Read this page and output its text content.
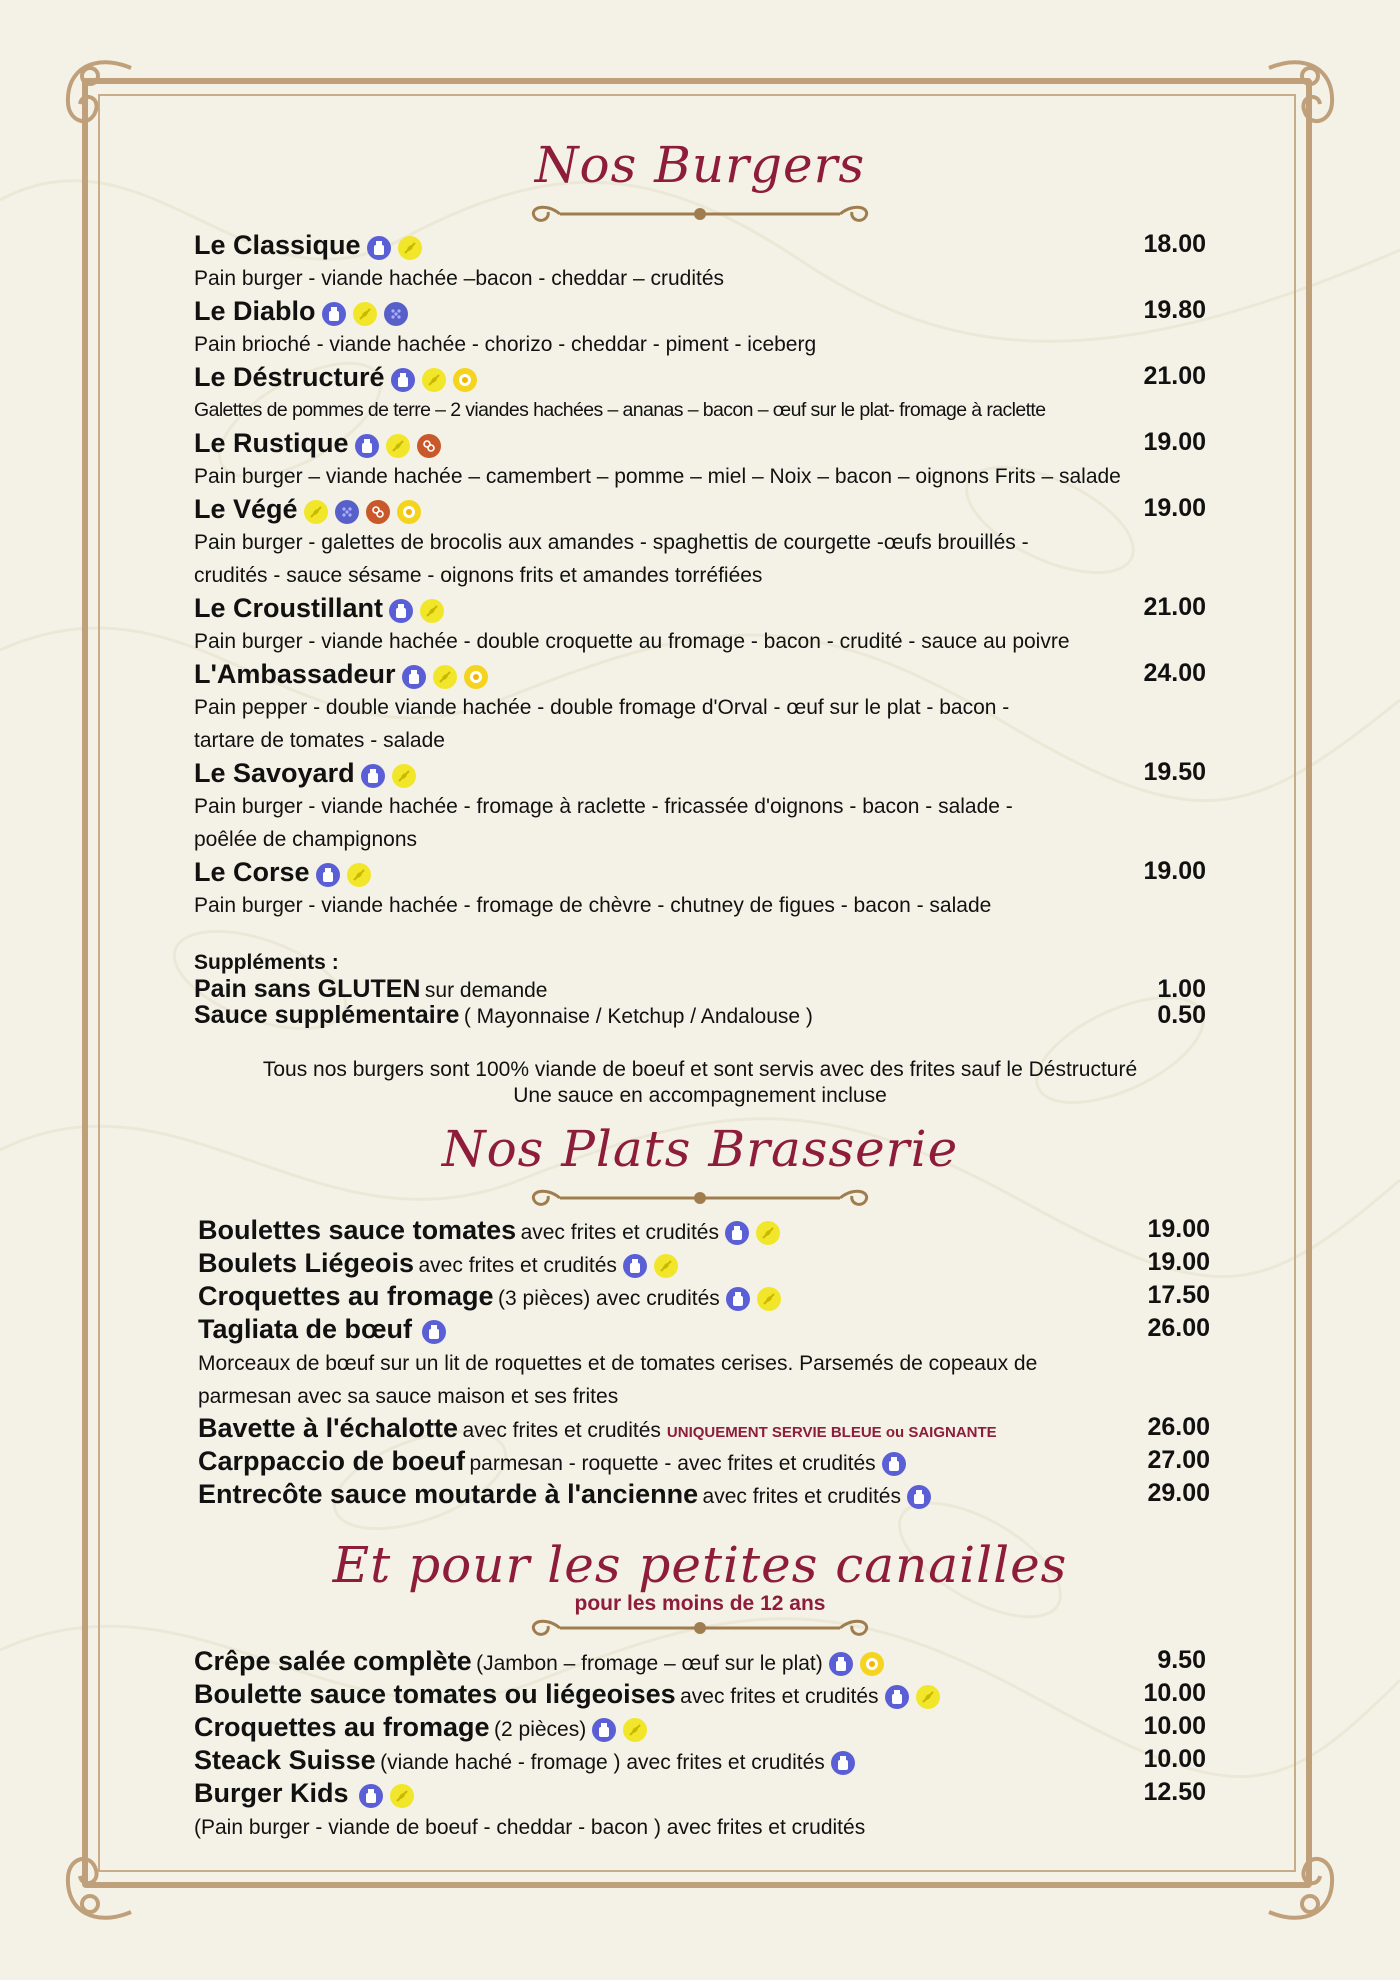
Nos Burgers
Le Classique	18.00
Pain burger - viande hachée –bacon - cheddar – crudités
Le Diablo	19.80
Pain brioché - viande hachée - chorizo - cheddar - piment - iceberg
Le Déstructuré	21.00
Galettes de pommes de terre – 2 viandes hachées – ananas – bacon – œuf sur le plat- fromage à raclette
Le Rustique	19.00
Pain burger – viande hachée – camembert – pomme – miel – Noix – bacon – oignons Frits – salade
Le Végé	19.00
Pain burger - galettes de brocolis aux amandes - spaghettis de courgette -œufs brouillés -
crudités - sauce sésame - oignons frits et amandes torréfiées
Le Croustillant	21.00
Pain burger - viande hachée - double croquette au fromage - bacon - crudité - sauce au poivre
L'Ambassadeur	24.00
Pain pepper - double viande hachée - double fromage d'Orval - œuf sur le plat - bacon -
tartare de tomates - salade
Le Savoyard	19.50
Pain burger - viande hachée - fromage à raclette - fricassée d'oignons - bacon - salade -
poêlée de champignons
Le Corse	19.00
Pain burger - viande hachée - fromage de chèvre - chutney de figues - bacon - salade
Suppléments :
Pain sans GLUTEN sur demande	1.00
Sauce supplémentaire ( Mayonnaise / Ketchup / Andalouse )	0.50
Tous nos burgers sont 100% viande de boeuf et sont servis avec des frites sauf le Déstructuré
Une sauce en accompagnement incluse
Nos Plats Brasserie
Boulettes sauce tomates avec frites et crudités	19.00
Boulets Liégeois avec frites et crudités	19.00
Croquettes au fromage (3 pièces) avec crudités	17.50
Tagliata de bœuf	26.00
Bavette à l'échalotte avec frites et crudités UNIQUEMENT SERVIE BLEUE ou SAIGNANTE	26.00
Carppaccio de boeuf parmesan - roquette - avec frites et crudités	27.00
Entrecôte sauce moutarde à l'ancienne avec frites et crudités	29.00
Morceaux de bœuf sur un lit de roquettes et de tomates cerises. Parsemés de copeaux de
parmesan avec sa sauce maison et ses frites
Et pour les petites canailles
pour les moins de 12 ans
Crêpe salée complète (Jambon – fromage – œuf sur le plat)	9.50
Boulette sauce tomates ou liégeoises avec frites et crudités	10.00
Croquettes au fromage (2 pièces)	10.00
Steack Suisse (viande haché - fromage ) avec frites et crudités	10.00
Burger Kids	12.50
(Pain burger - viande de boeuf - cheddar - bacon ) avec frites et crudités
